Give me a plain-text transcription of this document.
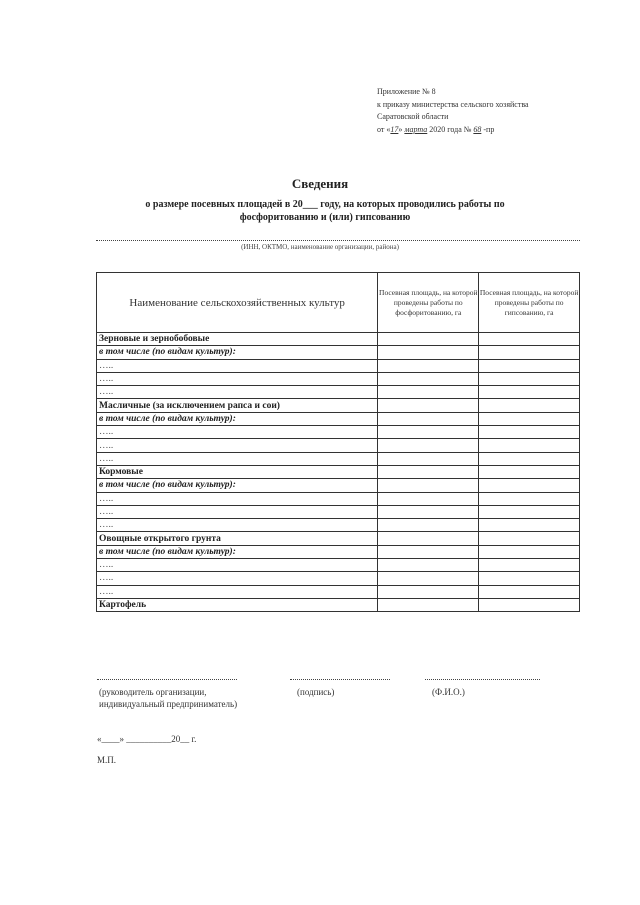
Приложение № 8
к приказу министерства сельского хозяйства
Саратовской области
от «17» марта 2020 года № 68 -пр
Сведения
о размере посевных площадей в 20___ году, на которых проводились работы по фосфоритованию и (или) гипсованию
(ИНН, ОКТМО, наименование организации, района)
Наименование сельскохозяйственных культур	Посевная площадь, на которой проведены работы по фосфоритованию, га	Посевная площадь, на которой проведены работы по гипсованию, га
Зерновые и зернобобовые		
в том числе (по видам культур):		
…..		
…..		
…..		
Масличные (за исключением рапса и сои)		
в том числе (по видам культур):		
…..		
…..		
…..		
Кормовые		
в том числе (по видам культур):		
…..		
…..		
…..		
Овощные открытого грунта		
в том числе (по видам культур):		
…..		
…..		
…..		
Картофель		
(руководитель организации,
индивидуальный предприниматель)
(подпись)	(Ф.И.О.)
«____» __________20__ г.
М.П.
